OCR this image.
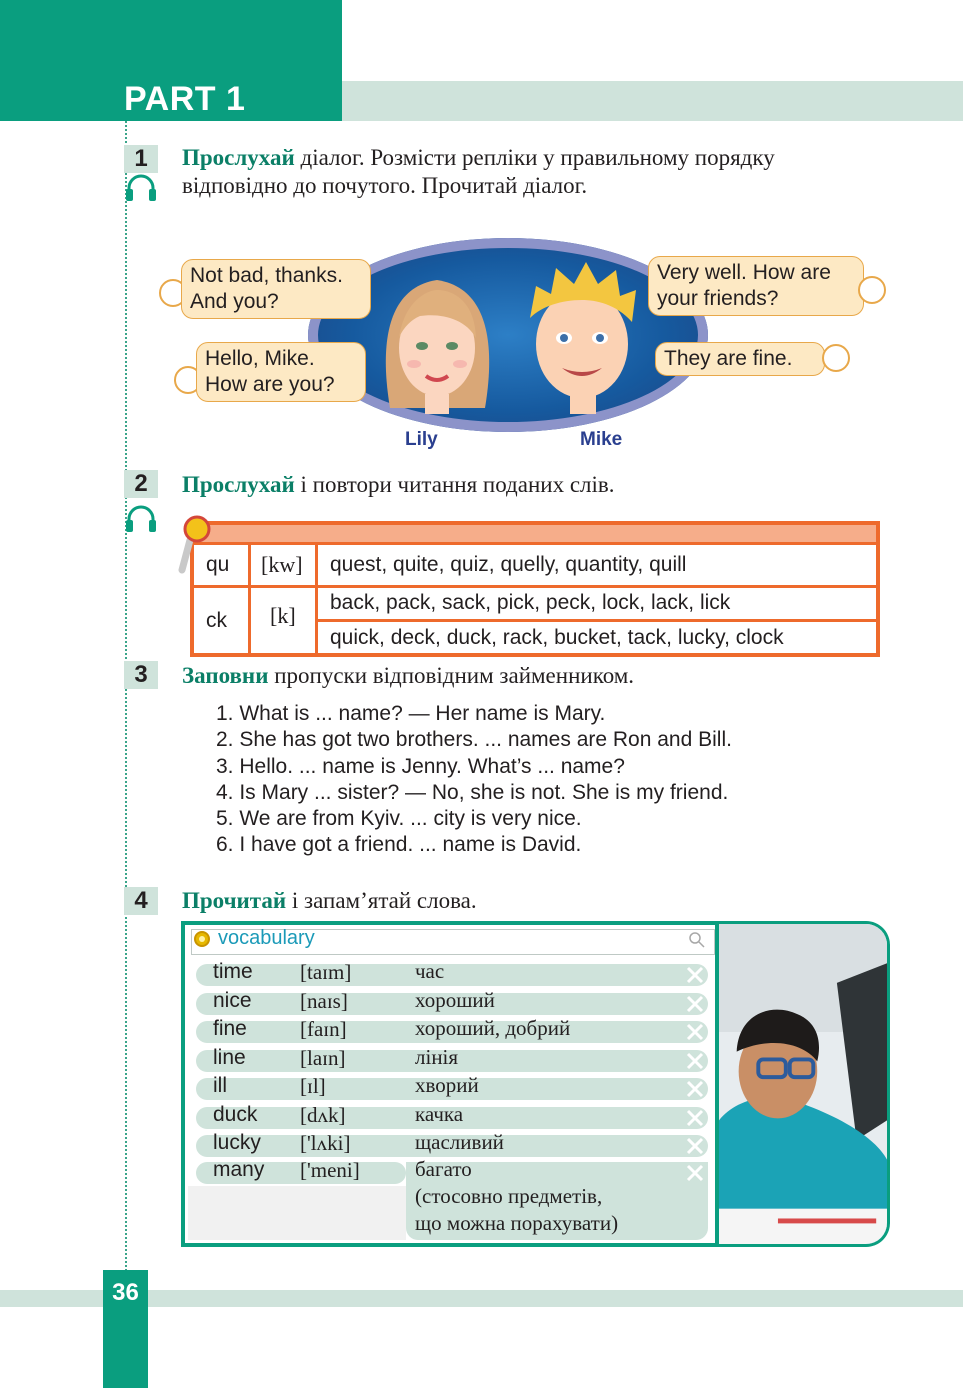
PART 1
1	Прослухай діалог. Розмісти репліки у правильному порядку
відповідно до почутого. Прочитай діалог.
Lily	Mike
Not bad, thanks.
And you?
Hello, Mike.
How are you?
Very well. How are
your friends?
They are fine.
2	Прослухай і повтори читання поданих слів.
qu [kw] quest, quite, quiz, quelly, quantity, quill
ck [k]
back, pack, sack, pick, peck, lock, lack, lick
quick, deck, duck, rack, bucket, tack, lucky, clock
3	Заповни пропуски відповідним займенником.
1. What is ... name? — Her name is Mary.
2. She has got two brothers. ... names are Ron and Bill.
3. Hello. ... name is Jenny. What’s ... name?
4. Is Mary ... sister? — No, she is not. She is my friend.
5. We are from Kyiv. ... city is very nice.
6. I have got a friend. ... name is David.
4	Прочитай і запам’ятай слова.
vocabulary
time [taɪm]	час
nice [naɪs]	хороший
fine	[faɪn]	хороший, добрий
line	[laɪn]	лінія
ill	[ɪl]	хворий
duck [dʌk]	качка
lucky ['lʌki]	щасливий
many ['meni]	багато
(стосовно предметів,
що можна порахувати)
36
